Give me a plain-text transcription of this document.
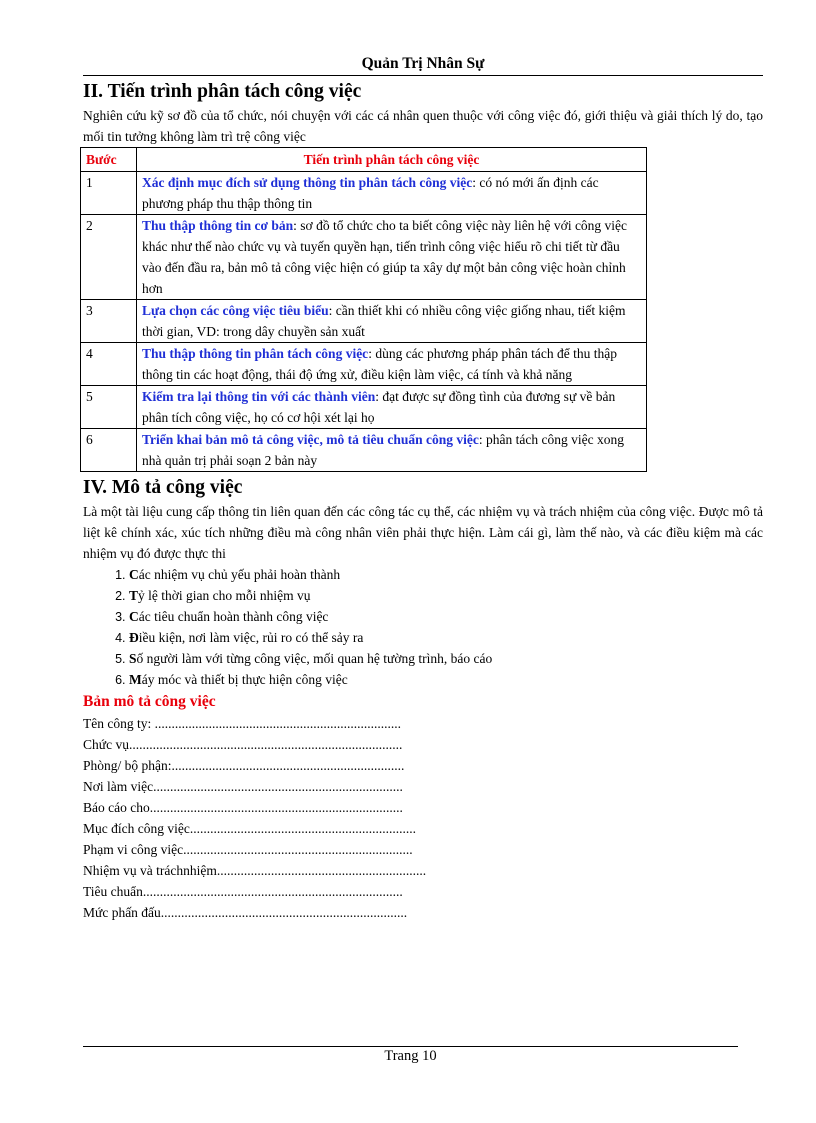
Quản Trị Nhân Sự
II. Tiến trình phân tách công việc
Nghiên cứu kỹ sơ đồ của tổ chức, nói chuyện với các cá nhân quen thuộc với công việc đó, giới thiệu và giải thích lý do, tạo mối tin tưởng không làm trì trệ công việc
Bước	Tiến trình phân tách công việc
1	Xác định mục đích sử dụng thông tin phân tách công việc: có nó mới ấn định các phương pháp thu thập thông tin
2	Thu thập thông tin cơ bản: sơ đồ tổ chức cho ta biết công việc này liên hệ với công việc khác như thế nào chức vụ và tuyến quyền hạn, tiến trình công việc hiểu rõ chi tiết từ đầu vào đến đầu ra, bản mô tả công việc hiện có giúp ta xây dự một bản công việc hoàn chỉnh hơn
3	Lựa chọn các công việc tiêu biểu: cần thiết khi có nhiều công việc giống nhau, tiết kiệm thời gian, VD: trong dây chuyền sản xuất
4	Thu thập thông tin phân tách công việc: dùng các phương pháp phân tách để thu thập thông tin các hoạt động, thái độ ứng xử, điều kiện làm việc, cá tính và khả năng
5	Kiểm tra lại thông tin với các thành viên: đạt được sự đồng tình của đương sự về bản phân tích công việc, họ có cơ hội xét lại họ
6	Triển khai bản mô tả công việc, mô tả tiêu chuẩn công việc: phân tách công việc xong nhà quản trị phải soạn 2 bản này
IV. Mô tả công việc
Là một tài liệu cung cấp thông tin liên quan đến các công tác cụ thể, các nhiệm vụ và trách nhiệm của công việc. Được mô tả liệt kê chính xác, xúc tích những điều mà công nhân viên phải thực hiện. Làm cái gì, làm thế nào, và các điều kiệm mà các nhiệm vụ đó được thực thi
1. Các nhiệm vụ chủ yếu phải hoàn thành
2. Tỷ lệ thời gian cho mỗi nhiệm vụ
3. Các tiêu chuẩn hoàn thành công việc
4. Điều kiện, nơi làm việc, rủi ro có thể sảy ra
5. Số người làm với từng công việc, mối quan hệ tường trình, báo cáo
6. Máy móc và thiết bị thực hiện công việc
Bản mô tả công việc
Tên công ty: .........................................................................
Chức vụ.................................................................................
Phòng/ bộ phận:.....................................................................
Nơi làm việc..........................................................................
Báo cáo cho...........................................................................
Mục đích công việc...................................................................
Phạm vi công việc....................................................................
Nhiệm vụ và tráchnhiệm..............................................................
Tiêu chuẩn.............................................................................
Mức phấn đấu.........................................................................
Trang 10
